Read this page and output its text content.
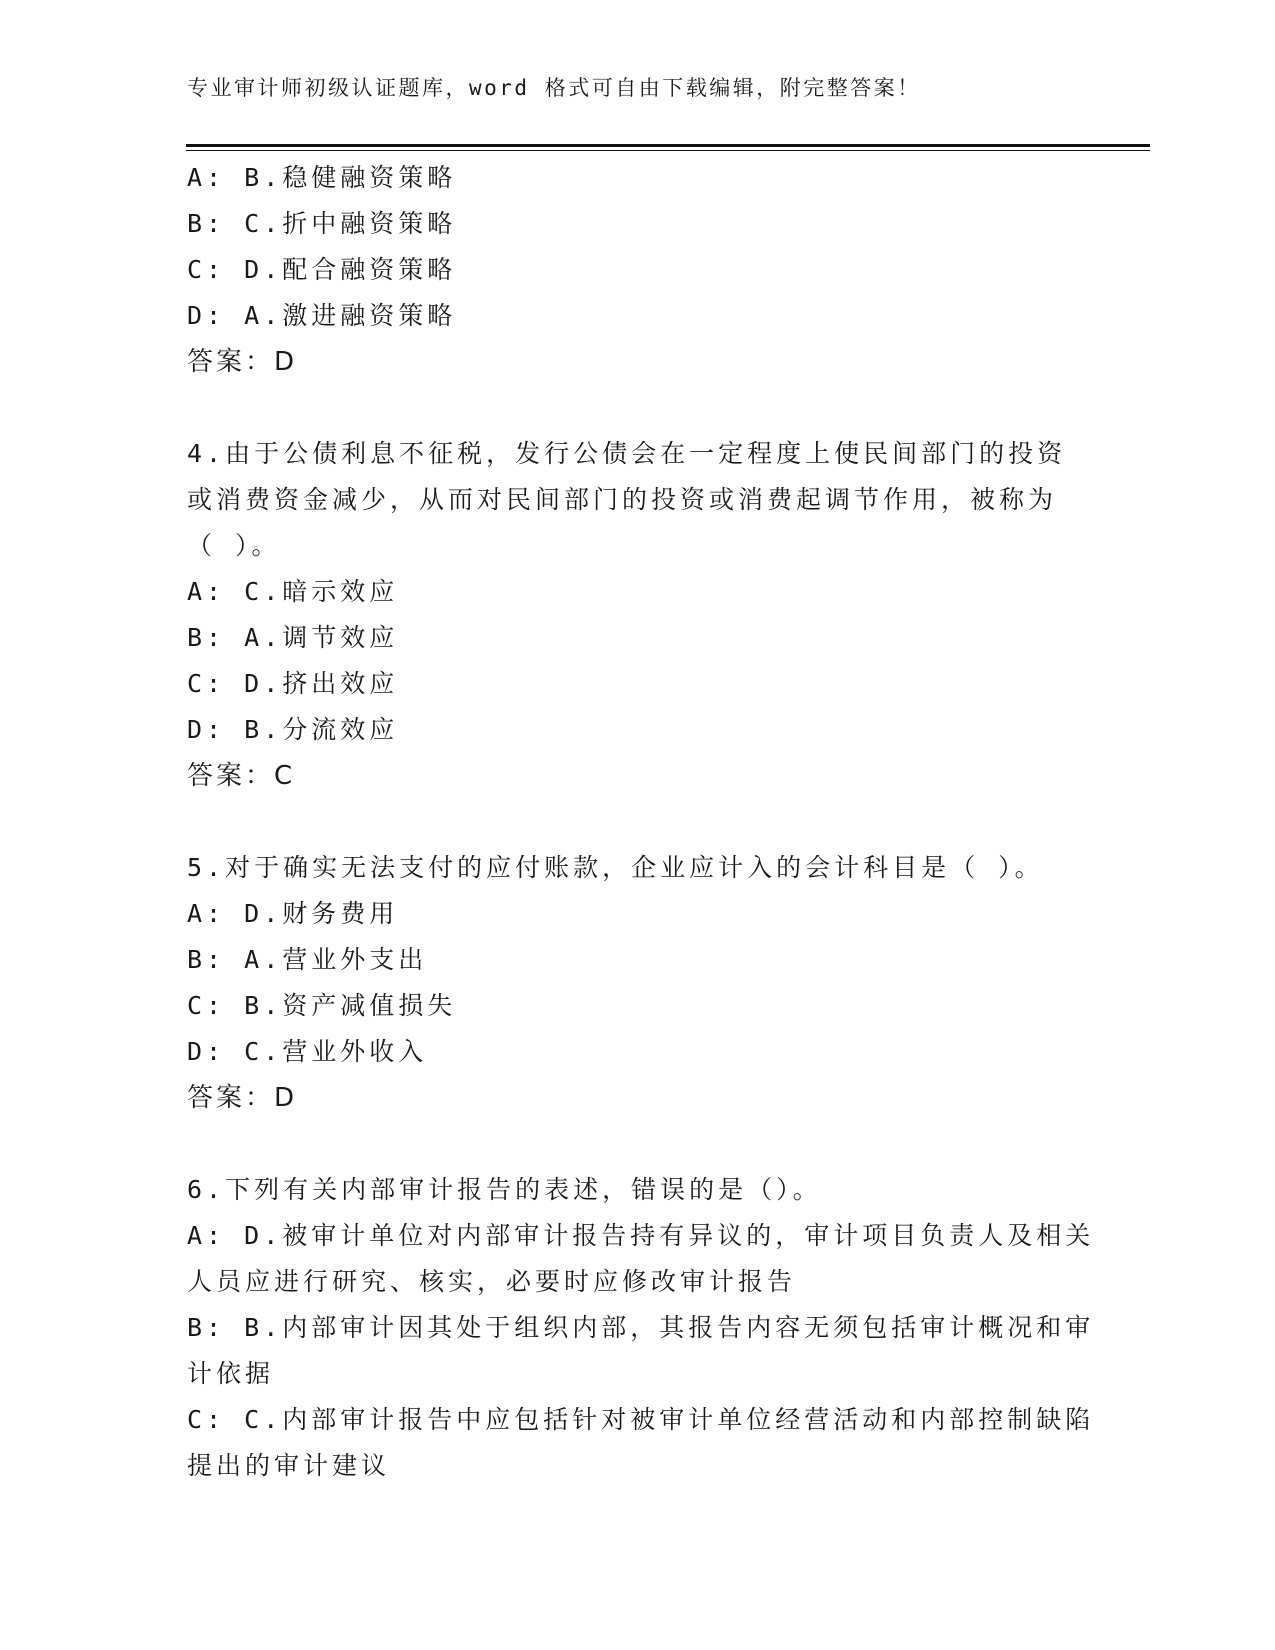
专业审计师初级认证题库，word 格式可自由下载编辑，附完整答案！
A: B.稳健融资策略
B: C.折中融资策略
C: D.配合融资策略
D: A.激进融资策略
答案：D
4.由于公债利息不征税，发行公债会在一定程度上使民间部门的投资
或消费资金减少，从而对民间部门的投资或消费起调节作用，被称为
（ ）。
A: C.暗示效应
B: A.调节效应
C: D.挤出效应
D: B.分流效应
答案：C
5.对于确实无法支付的应付账款，企业应计入的会计科目是（ ）。
A: D.财务费用
B: A.营业外支出
C: B.资产减值损失
D: C.营业外收入
答案：D
6.下列有关内部审计报告的表述，错误的是（）。
A: D.被审计单位对内部审计报告持有异议的，审计项目负责人及相关
人员应进行研究、核实，必要时应修改审计报告
B: B.内部审计因其处于组织内部，其报告内容无须包括审计概况和审
计依据
C: C.内部审计报告中应包括针对被审计单位经营活动和内部控制缺陷
提出的审计建议
